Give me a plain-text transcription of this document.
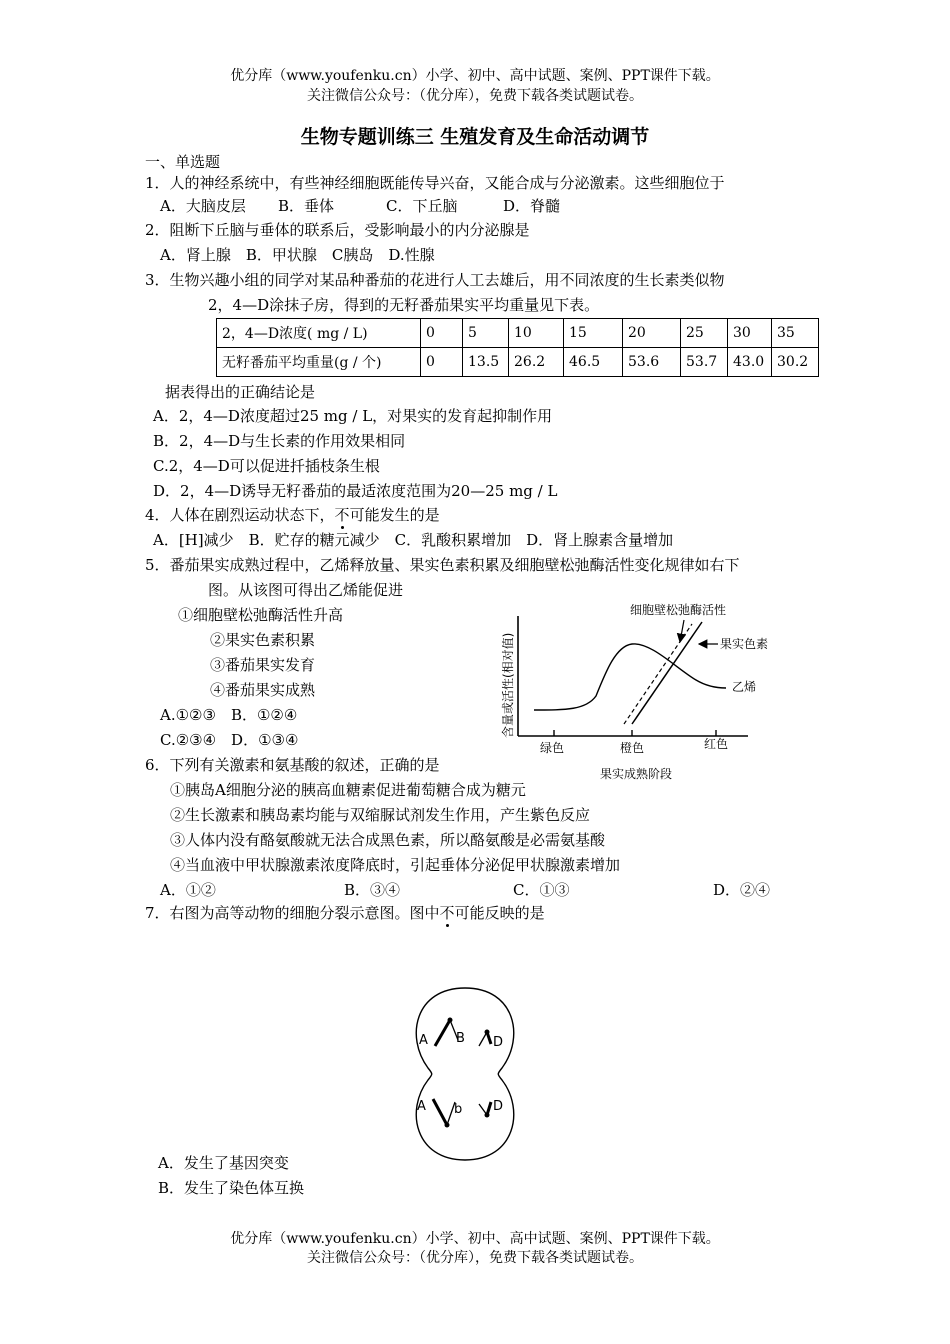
优分库（www.youfenku.cn）小学、初中、高中试题、案例、PPT课件下载。
关注微信公众号：（优分库），免费下载各类试题试卷。
生物专题训练三 生殖发育及生命活动调节
一、单选题
1．人的神经系统中，有些神经细胞既能传导兴奋，又能合成与分泌激素。这些细胞位于
A．大脑皮层 B．垂体	C．下丘脑	D．脊髓
2．阻断下丘脑与垂体的联系后，受影响最小的内分泌腺是
A．肾上腺　B．甲状腺　C胰岛　D.性腺
3．生物兴趣小组的同学对某品种番茄的花进行人工去雄后，用不同浓度的生长素类似物
2，4—D涂抹子房，得到的无籽番茄果实平均重量见下表。
2，4—D浓度( mg / L)	0	5	10	15	20	25	30	35
无籽番茄平均重量(g / 个)	0	13.5	26.2	46.5	53.6	53.7	43.0	30.2
据表得出的正确结论是
A．2，4—D浓度超过25 mg / L，对果实的发育起抑制作用
B．2，4—D与生长素的作用效果相同
C.2，4—D可以促进扦插枝条生根
D．2，4—D诱导无籽番茄的最适浓度范围为20—25 mg / L
4．人体在剧烈运动状态下，不可能发生的是
A．[H]减少　B．贮存的糖元减少　C．乳酸积累增加　D．肾上腺素含量增加
5．番茄果实成熟过程中，乙烯释放量、果实色素积累及细胞壁松弛酶活性变化规律如右下
图。从该图可得出乙烯能促进
①细胞壁松弛酶活性升高
②果实色素积累
③番茄果实发育
④番茄果实成熟
A.①②③　B．①②④
C.②③④　D．①③④
细胞壁松弛酶活性
果实色素
乙烯
绿色	橙色	红色
果实成熟阶段
含量或活性(相对值)
6．下列有关激素和氨基酸的叙述，正确的是
①胰岛A细胞分泌的胰高血糖素促进葡萄糖合成为糖元
②生长激素和胰岛素均能与双缩脲试剂发生作用，产生紫色反应
③人体内没有酪氨酸就无法合成黑色素，所以酪氨酸是必需氨基酸
④当血液中甲状腺激素浓度降底时，引起垂体分泌促甲状腺激素增加
A．①②	B．③④	C．①③	D．②④
7．右图为高等动物的细胞分裂示意图。图中不可能反映的是
A B D
A b D
A．发生了基因突变
B．发生了染色体互换
优分库（www.youfenku.cn）小学、初中、高中试题、案例、PPT课件下载。
关注微信公众号：（优分库），免费下载各类试题试卷。
